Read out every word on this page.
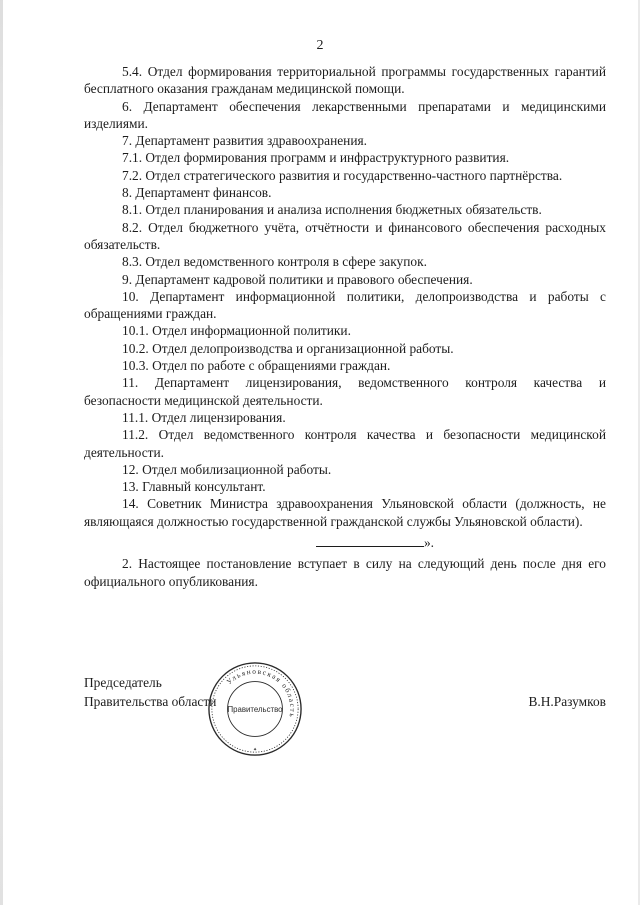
2

5.4. Отдел формирования территориальной программы государственных гарантий бесплатного оказания гражданам медицинской помощи.

6. Департамент обеспечения лекарственными препаратами и медицинскими изделиями.

7. Департамент развития здравоохранения.

7.1. Отдел формирования программ и инфраструктурного развития.

7.2. Отдел стратегического развития и государственно-частного партнёрства.

8. Департамент финансов.

8.1. Отдел планирования и анализа исполнения бюджетных обязательств.

8.2. Отдел бюджетного учёта, отчётности и финансового обеспечения расходных обязательств.

8.3. Отдел ведомственного контроля в сфере закупок.

9. Департамент кадровой политики и правового обеспечения.

10. Департамент информационной политики, делопроизводства и работы с обращениями граждан.

10.1. Отдел информационной политики.

10.2. Отдел делопроизводства и организационной работы.

10.3. Отдел по работе с обращениями граждан.

11. Департамент лицензирования, ведомственного контроля качества и безопасности медицинской деятельности.

11.1. Отдел лицензирования.

11.2. Отдел ведомственного контроля качества и безопасности медицинской деятельности.

12. Отдел мобилизационной работы.

13. Главный консультант.

14. Советник Министра здравоохранения Ульяновской области (должность, не являющаяся должностью государственной гражданской службы Ульяновской области).

».

2. Настоящее постановление вступает в силу на следующий день после дня его официального опубликования.

Председатель
Правительства области	В.Н.Разумков
Ульяновская область
Правительство
✦
